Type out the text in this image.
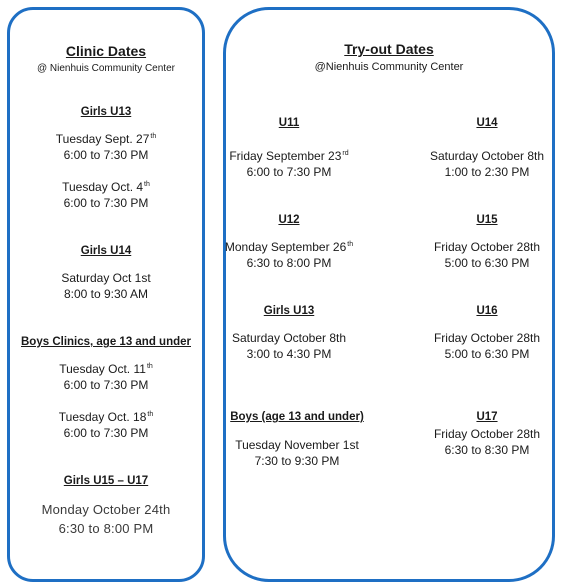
Clinic Dates
@ Nienhuis Community Center
Girls U13
Tuesday Sept. 27th
6:00 to 7:30 PM
Tuesday Oct. 4th
6:00 to 7:30 PM
Girls U14
Saturday Oct 1st
8:00 to 9:30 AM
Boys Clinics, age 13 and under
Tuesday Oct. 11th
6:00 to 7:30 PM
Tuesday Oct. 18th
6:00 to 7:30 PM
Girls U15 – U17
Monday October 24th
6:30 to 8:00 PM
Try-out Dates
@Nienhuis Community Center
U11
Friday September 23rd
6:00 to 7:30 PM
U12
Monday September 26th
6:30 to 8:00 PM
Girls U13
Saturday October 8th
3:00 to 4:30 PM
Boys (age 13 and under)
Tuesday November 1st
7:30 to 9:30 PM
U14
Saturday October 8th
1:00 to 2:30 PM
U15
Friday October 28th
5:00 to 6:30 PM
U16
Friday October 28th
5:00 to 6:30 PM
U17
Friday October 28th
6:30 to 8:30 PM
